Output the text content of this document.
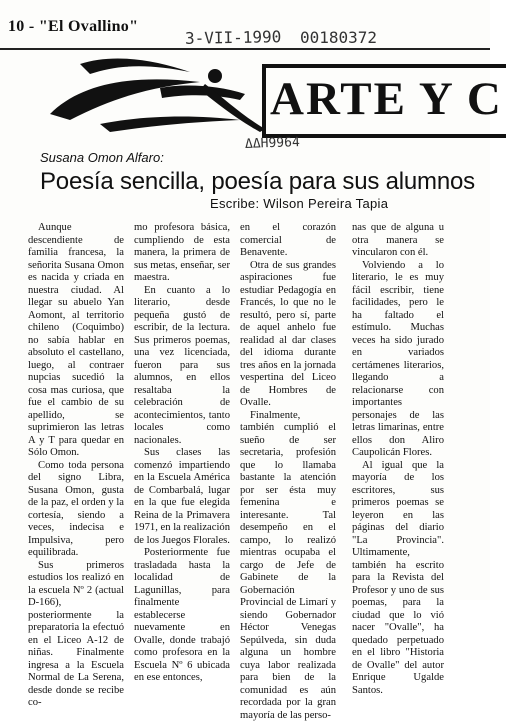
10 - "El Ovallino"
3-VII-1990 00180372
ARTE Y C
ΔΔH9964
Susana Omon Alfaro:
Poesía sencilla, poesía para sus alumnos
Escribe: Wilson Pereira Tapia

Aunque descendiente de familia francesa, la señorita Susana Omon es nacida y criada en nuestra ciudad. Al llegar su abuelo Yan Aomont, al territorio chileno (Coquimbo) no sabía hablar en absoluto el castellano, luego, al contraer nupcias sucedió la cosa mas curiosa, que fue el cambio de su apellido, se suprimieron las letras A y T para quedar en Sólo Omon.

Como toda persona del signo Libra, Susana Omon, gusta de la paz, el orden y la cortesía, siendo a veces, indecisa e Impulsiva, pero equilibrada.

Sus primeros estudios los realizó en la escuela Nº 2 (actual D-166), posteriormente la preparatoria la efectuó en el Liceo A-12 de niñas. Finalmente ingresa a la Escuela Normal de La Serena, desde donde se recibe co-

mo profesora básica, cumpliendo de esta manera, la primera de sus metas, enseñar, ser maestra.

En cuanto a lo literario, desde pequeña gustó de escribir, de la lectura. Sus primeros poemas, una vez licenciada, fueron para sus alumnos, en ellos resaltaba la celebración de acontecimientos, tanto locales como nacionales.

Sus clases las comenzó impartiendo en la Escuela América de Combarbalá, lugar en la que fue elegida Reina de la Primavera 1971, en la realización de los Juegos Florales.

Posteriormente fue trasladada hasta la localidad de Lagunillas, para finalmente establecerse nuevamente en Ovalle, donde trabajó como profesora en la Escuela Nº 6 ubicada en ese entonces,

en el corazón comercial de Benavente.

Otra de sus grandes aspiraciones fue estudiar Pedagogía en Francés, lo que no le resultó, pero sí, parte de aquel anhelo fue realidad al dar clases del idioma durante tres años en la jornada vespertina del Liceo de Hombres de Ovalle.

Finalmente, también cumplió el sueño de ser secretaria, profesión que lo llamaba bastante la atención por ser ésta muy femenina e interesante. Tal desempeño en el campo, lo realizó mientras ocupaba el cargo de Jefe de Gabinete de la Gobernación Provincial de Limarí y siendo Gobernador Héctor Venegas Sepúlveda, sin duda alguna un hombre cuya labor realizada para bien de la comunidad es aún recordada por la gran mayoría de las perso-

nas que de alguna u otra manera se vincularon con él.

Volviendo a lo literario, le es muy fácil escribir, tiene facilidades, pero le ha faltado el estímulo. Muchas veces ha sido jurado en variados certámenes literarios, llegando a relacionarse con importantes personajes de las letras limarinas, entre ellos don Aliro Caupolicán Flores.

Al igual que la mayoría de los escritores, sus primeros poemas se leyeron en las páginas del diario "La Provincia". Ultimamente, también ha escrito para la Revista del Profesor y uno de sus poemas, para la ciudad que lo vió nacer "Ovalle", ha quedado perpetuado en el libro "Historia de Ovalle" del autor Enrique Ugalde Santos.
